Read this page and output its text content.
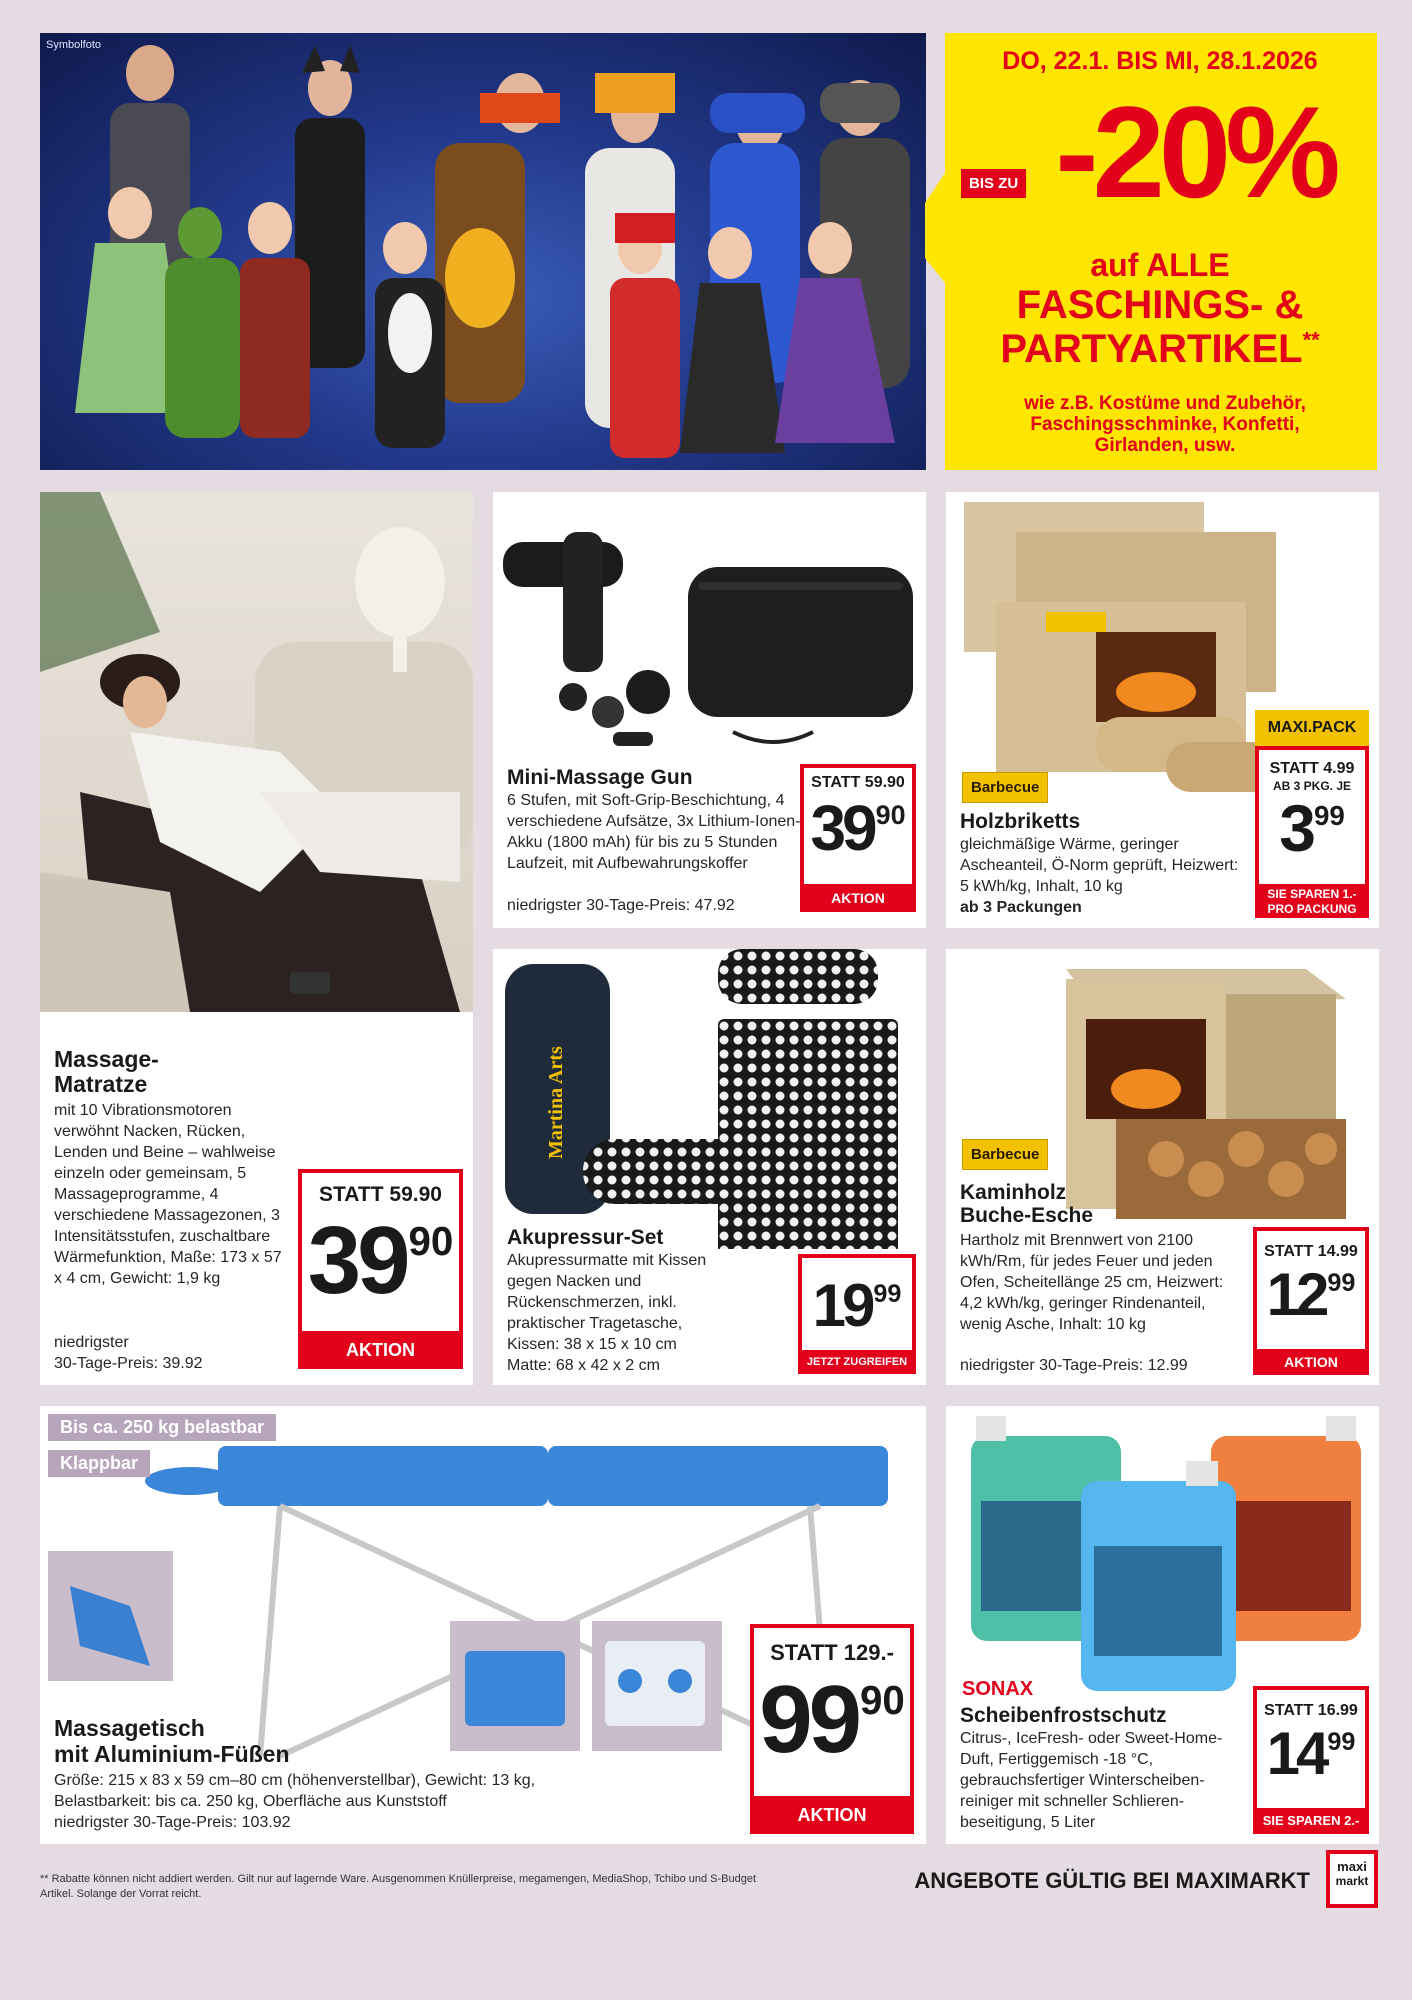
Symbolfoto
DO, 22.1. BIS MI, 28.1.2026
BIS ZU -20%
auf ALLE
FASCHINGS- &
PARTYARTIKEL**
wie z.B. Kostüme und Zubehör, Faschingsschminke, Konfetti, Girlanden, usw.
Massage-
Matratze
mit 10 Vibrationsmotoren verwöhnt Nacken, Rücken, Lenden und Beine – wahlweise einzeln oder gemeinsam, 5 Massageprogramme, 4 verschiedene Massagezonen, 3 Intensitätsstufen, zuschaltbare Wärmefunktion, Maße: 173 x 57 x 4 cm, Gewicht: 1,9 kg
niedrigster
30-Tage-Preis: 39.92
STATT 59.90
$39^{90}$
AKTION
Mini-Massage Gun
6 Stufen, mit Soft-Grip-Beschichtung, 4 verschiedene Aufsätze, 3x Lithium-Ionen-Akku (1800 mAh) für bis zu 5 Stunden Laufzeit, mit Aufbewahrungskoffer
niedrigster 30-Tage-Preis: 47.92
STATT 59.90
$39^{90}$
AKTION
Barbecue
Holzbriketts
gleichmäßige Wärme, geringer Ascheanteil, Ö-Norm geprüft, Heizwert: 5 kWh/kg, Inhalt, 10 kg
ab 3 Packungen
MAXI.PACK
STATT 4.99
AB 3 PKG. JE
$3^{99}$
SIE SPAREN 1.- PRO PACKUNG
Martina Arts
Akupressur-Set
Akupressurmatte mit Kissen gegen Nacken und Rückenschmerzen, inkl. praktischer Tragetasche, Kissen: 38 x 15 x 10 cm Matte: 68 x 42 x 2 cm
$19^{99}$
JETZT ZUGREIFEN
Barbecue
Kaminholz
Buche-Esche
Hartholz mit Brennwert von 2100 kWh/Rm, für jedes Feuer und jeden Ofen, Scheitellänge 25 cm, Heizwert: 4,2 kWh/kg, geringer Rindenanteil, wenig Asche, Inhalt: 10 kg
niedrigster 30-Tage-Preis: 12.99
STATT 14.99
$12^{99}$
AKTION
Bis ca. 250 kg belastbar
Klappbar
Massagetisch
mit Aluminium-Füßen
Größe: 215 x 83 x 59 cm–80 cm (höhenverstellbar), Gewicht: 13 kg, Belastbarkeit: bis ca. 250 kg, Oberfläche aus Kunststoff
niedrigster 30-Tage-Preis: 103.92
STATT 129.-
$99^{90}$
AKTION
SONAX
Scheibenfrostschutz
Citrus-, IceFresh- oder Sweet-Home-Duft, Fertiggemisch -18 °C, gebrauchsfertiger Winterscheibenreiniger mit schneller Schlierenbeseitigung, 5 Liter
STATT 16.99
$14^{99}$
SIE SPAREN 2.-
** Rabatte können nicht addiert werden. Gilt nur auf lagernde Ware. Ausgenommen Knüllerpreise, megamengen, MediaShop, Tchibo und S-Budget Artikel. Solange der Vorrat reicht.
ANGEBOTE GÜLTIG BEI MAXIMARKT
maxi
markt
